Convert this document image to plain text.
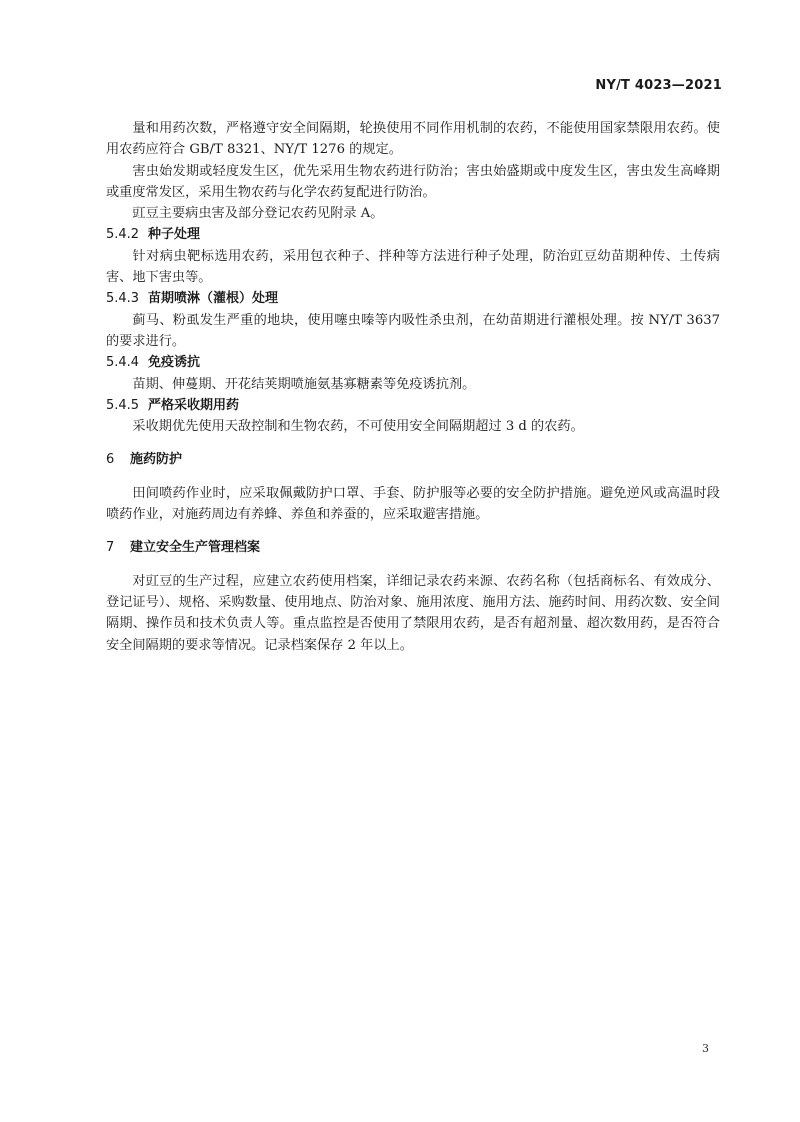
NY/T 4023—2021

量和用药次数，严格遵守安全间隔期，轮换使用不同作用机制的农药，不能使用国家禁限用农药。使用农药应符合 GB/T 8321、NY/T 1276 的规定。

害虫始发期或轻度发生区，优先采用生物农药进行防治；害虫始盛期或中度发生区，害虫发生高峰期或重度常发区，采用生物农药与化学农药复配进行防治。

豇豆主要病虫害及部分登记农药见附录 A。

5.4.2 种子处理

针对病虫靶标选用农药，采用包衣种子、拌种等方法进行种子处理，防治豇豆幼苗期种传、土传病害、地下害虫等。

5.4.3 苗期喷淋（灌根）处理

蓟马、粉虱发生严重的地块，使用噻虫嗪等内吸性杀虫剂，在幼苗期进行灌根处理。按 NY/T 3637 的要求进行。

5.4.4 免疫诱抗

苗期、伸蔓期、开花结荚期喷施氨基寡糖素等免疫诱抗剂。

5.4.5 严格采收期用药

采收期优先使用天敌控制和生物农药，不可使用安全间隔期超过 3 d 的农药。

6 施药防护

田间喷药作业时，应采取佩戴防护口罩、手套、防护服等必要的安全防护措施。避免逆风或高温时段喷药作业，对施药周边有养蜂、养鱼和养蚕的，应采取避害措施。

7 建立安全生产管理档案

对豇豆的生产过程，应建立农药使用档案，详细记录农药来源、农药名称（包括商标名、有效成分、登记证号）、规格、采购数量、使用地点、防治对象、施用浓度、施用方法、施药时间、用药次数、安全间隔期、操作员和技术负责人等。重点监控是否使用了禁限用农药，是否有超剂量、超次数用药，是否符合安全间隔期的要求等情况。记录档案保存 2 年以上。

3
